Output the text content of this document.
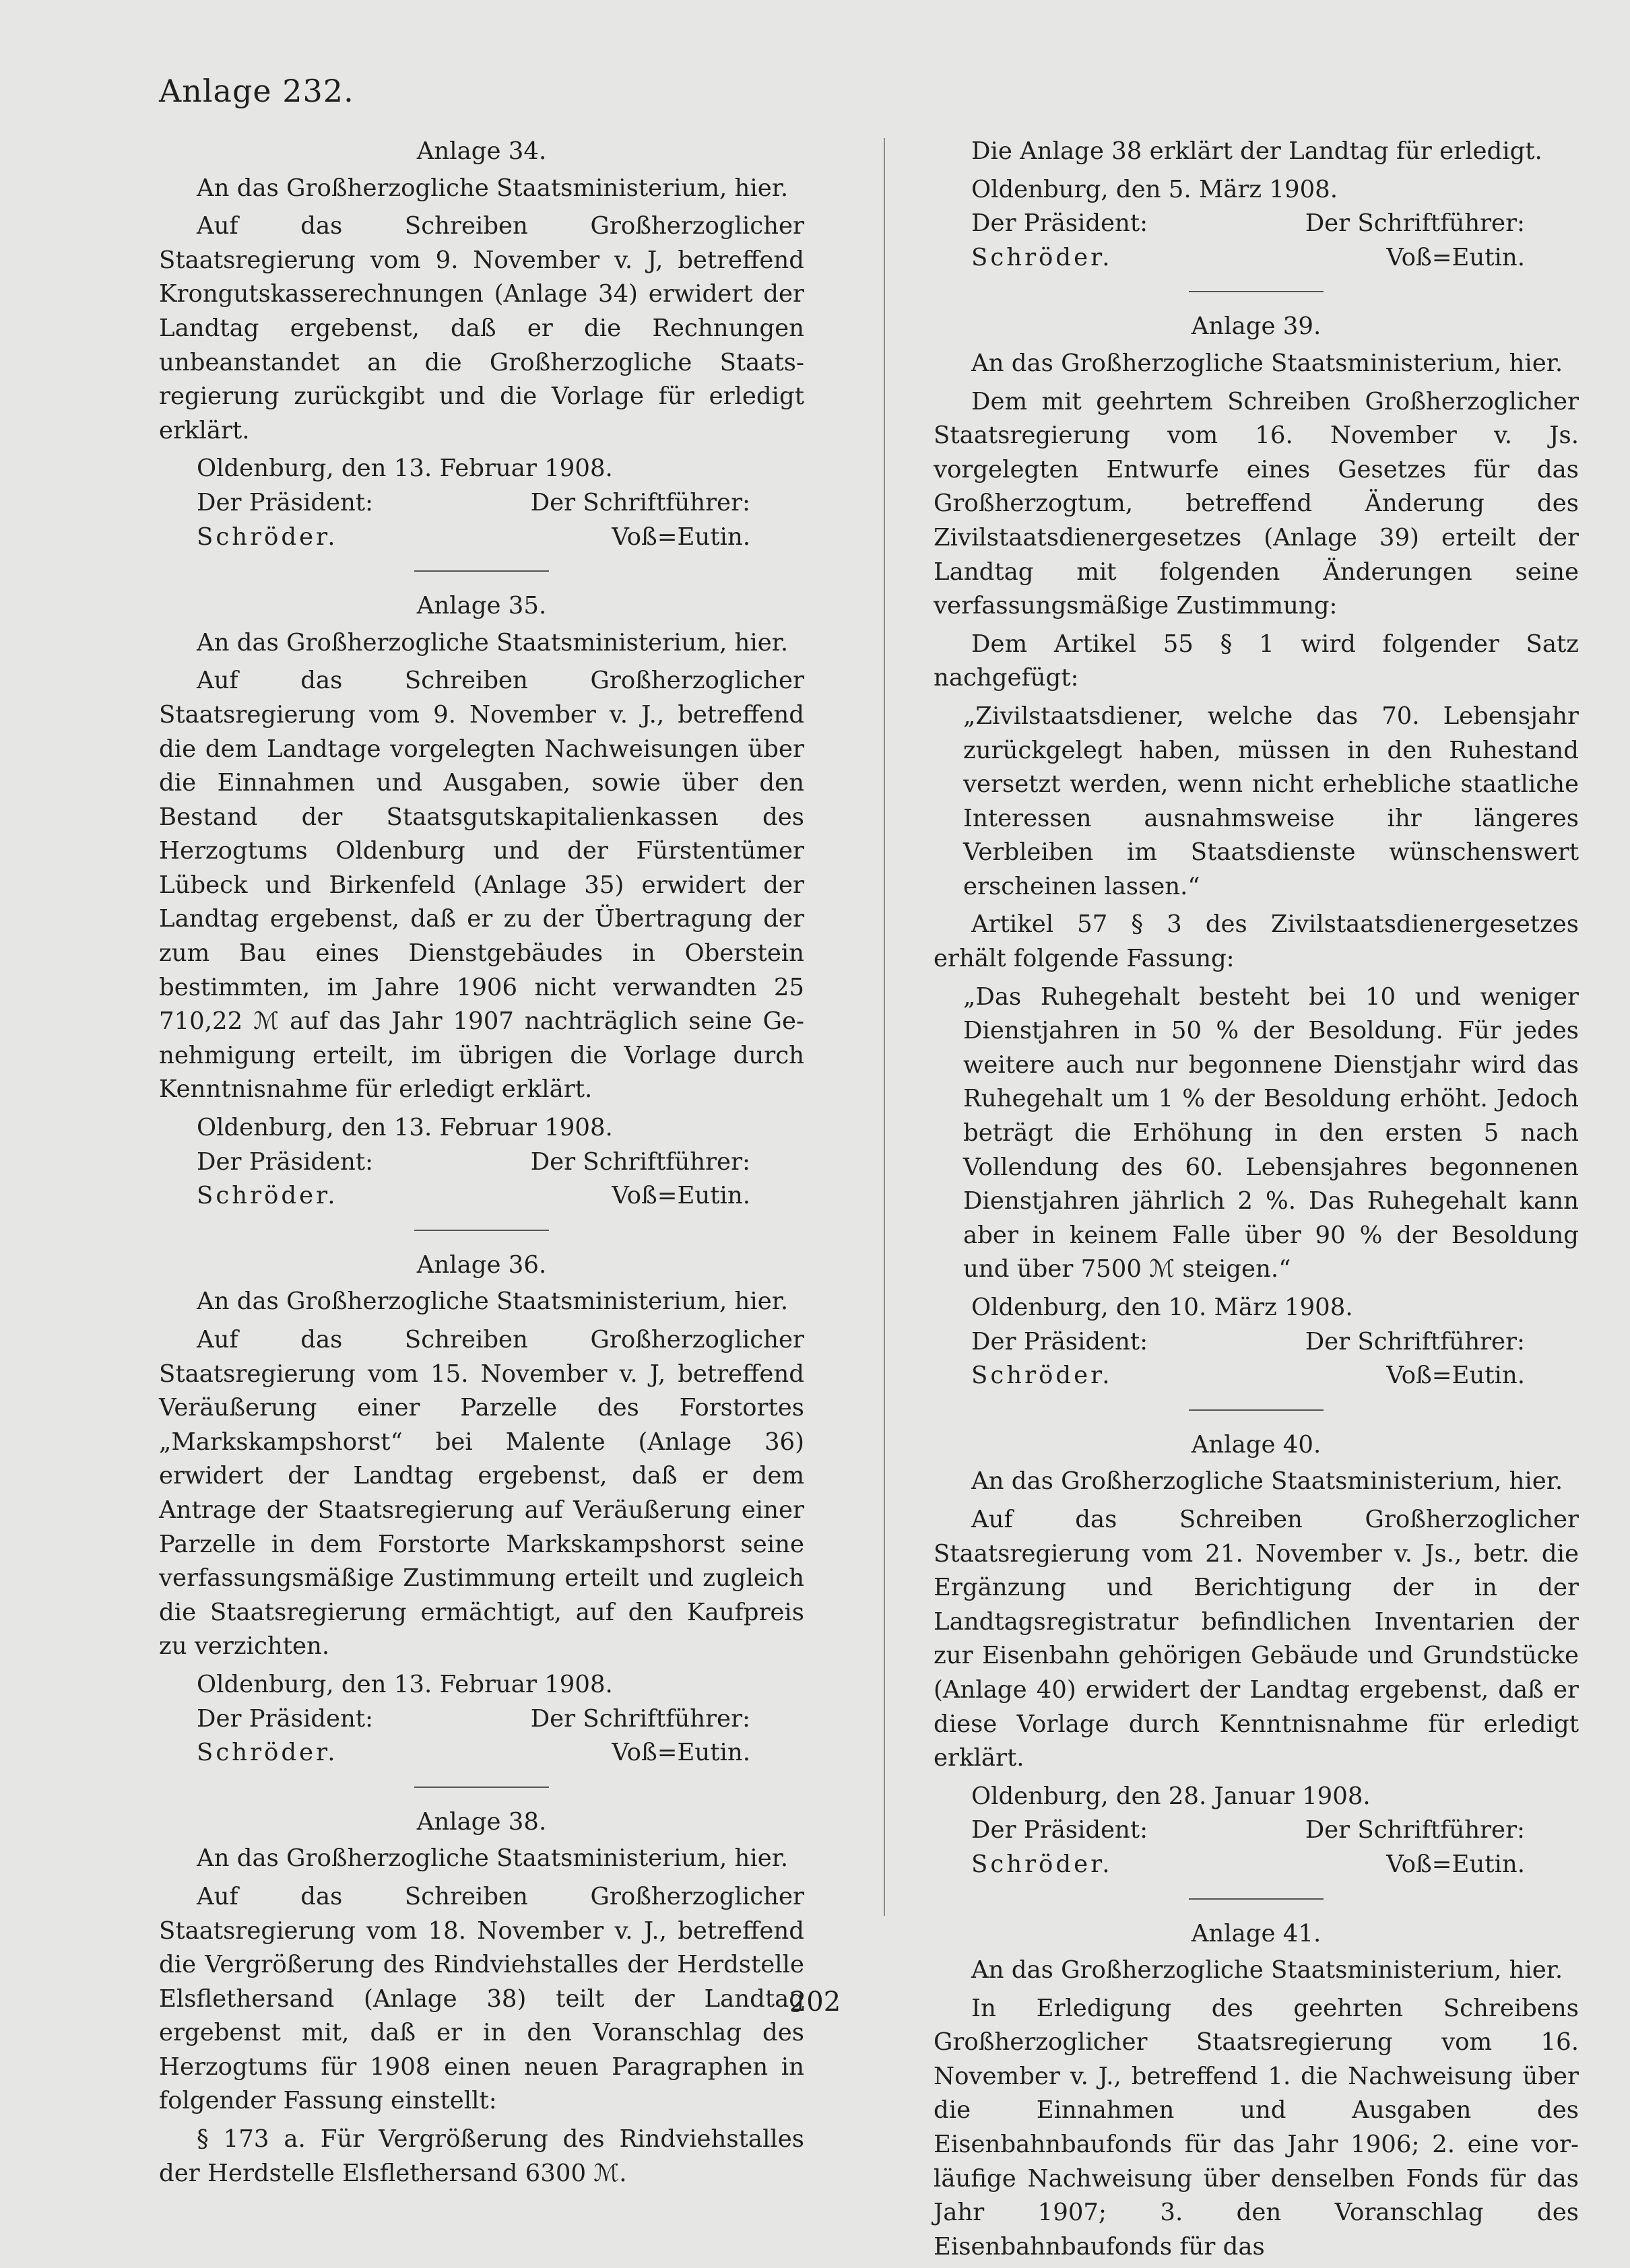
Anlage 232.

Anlage 34.

An das Großherzogliche Staatsministerium, hier.

Auf das Schreiben Großherzoglicher Staatsregierung vom 9. November v. J, betreffend Krongutskasserechnungen (Anlage 34) erwidert der Landtag ergebenst, daß er die Rechnungen unbeanstandet an die Großherzogliche Staatsregierung zurückgibt und die Vorlage für erledigt erklärt.

Oldenburg, den 13. Februar 1908.

Der Präsident:	Der Schriftführer:
Schröder.	Voß=Eutin.

Anlage 35.

An das Großherzogliche Staatsministerium, hier.

Auf das Schreiben Großherzoglicher Staatsregierung vom 9. November v. J., betreffend die dem Landtage vorgelegten Nachweisungen über die Einnahmen und Ausgaben, sowie über den Bestand der Staatsgutskapitalienkassen des Herzogtums Oldenburg und der Fürstentümer Lübeck und Birkenfeld (Anlage 35) erwidert der Landtag ergebenst, daß er zu der Übertragung der zum Bau eines Dienstgebäudes in Oberstein bestimmten, im Jahre 1906 nicht verwandten 25 710,22 ℳ auf das Jahr 1907 nachträglich seine Genehmigung erteilt, im übrigen die Vorlage durch Kenntnisnahme für erledigt erklärt.

Oldenburg, den 13. Februar 1908.

Der Präsident:	Der Schriftführer:
Schröder.	Voß=Eutin.

Anlage 36.

An das Großherzogliche Staatsministerium, hier.

Auf das Schreiben Großherzoglicher Staatsregierung vom 15. November v. J, betreffend Veräußerung einer Parzelle des Forstortes „Markskampshorst“ bei Malente (Anlage 36) erwidert der Landtag ergebenst, daß er dem Antrage der Staatsregierung auf Veräußerung einer Parzelle in dem Forstorte Markskampshorst seine verfassungsmäßige Zustimmung erteilt und zugleich die Staatsregierung ermächtigt, auf den Kaufpreis zu verzichten.

Oldenburg, den 13. Februar 1908.

Der Präsident:	Der Schriftführer:
Schröder.	Voß=Eutin.

Anlage 38.

An das Großherzogliche Staatsministerium, hier.

Auf das Schreiben Großherzoglicher Staatsregierung vom 18. November v. J., betreffend die Vergrößerung des Rindviehstalles der Herdstelle Elsflethersand (Anlage 38) teilt der Landtag ergebenst mit, daß er in den Voranschlag des Herzogtums für 1908 einen neuen Paragraphen in folgender Fassung einstellt:

§ 173 a. Für Vergrößerung des Rindviehstalles der Herdstelle Elsflethersand 6300 ℳ.

Die Anlage 38 erklärt der Landtag für erledigt.

Oldenburg, den 5. März 1908.

Der Präsident:	Der Schriftführer:
Schröder.	Voß=Eutin.

Anlage 39.

An das Großherzogliche Staatsministerium, hier.

Dem mit geehrtem Schreiben Großherzoglicher Staatsregierung vom 16. November v. Js. vorgelegten Entwurfe eines Gesetzes für das Großherzogtum, betreffend Änderung des Zivilstaatsdienergesetzes (Anlage 39) erteilt der Landtag mit folgenden Änderungen seine verfassungsmäßige Zustimmung:

Dem Artikel 55 § 1 wird folgender Satz nachgefügt:

„Zivilstaatsdiener, welche das 70. Lebensjahr zurückgelegt haben, müssen in den Ruhestand versetzt werden, wenn nicht erhebliche staatliche Interessen ausnahmsweise ihr längeres Verbleiben im Staatsdienste wünschenswert erscheinen lassen.“

Artikel 57 § 3 des Zivilstaatsdienergesetzes erhält folgende Fassung:

„Das Ruhegehalt besteht bei 10 und weniger Dienstjahren in 50 % der Besoldung. Für jedes weitere auch nur begonnene Dienstjahr wird das Ruhegehalt um 1 % der Besoldung erhöht. Jedoch beträgt die Erhöhung in den ersten 5 nach Vollendung des 60. Lebensjahres begonnenen Dienstjahren jährlich 2 %. Das Ruhegehalt kann aber in keinem Falle über 90 % der Besoldung und über 7500 ℳ steigen.“

Oldenburg, den 10. März 1908.

Der Präsident:	Der Schriftführer:
Schröder.	Voß=Eutin.

Anlage 40.

An das Großherzogliche Staatsministerium, hier.

Auf das Schreiben Großherzoglicher Staatsregierung vom 21. November v. Js., betr. die Ergänzung und Berichtigung der in der Landtagsregistratur befindlichen Inventarien der zur Eisenbahn gehörigen Gebäude und Grundstücke (Anlage 40) erwidert der Landtag ergebenst, daß er diese Vorlage durch Kenntnisnahme für erledigt erklärt.

Oldenburg, den 28. Januar 1908.

Der Präsident:	Der Schriftführer:
Schröder.	Voß=Eutin.

Anlage 41.

An das Großherzogliche Staatsministerium, hier.

In Erledigung des geehrten Schreibens Großherzoglicher Staatsregierung vom 16. November v. J., betreffend 1. die Nachweisung über die Einnahmen und Ausgaben des Eisenbahnbaufonds für das Jahr 1906; 2. eine vorläufige Nachweisung über denselben Fonds für das Jahr 1907; 3. den Voranschlag des Eisenbahnbaufonds für das

202
